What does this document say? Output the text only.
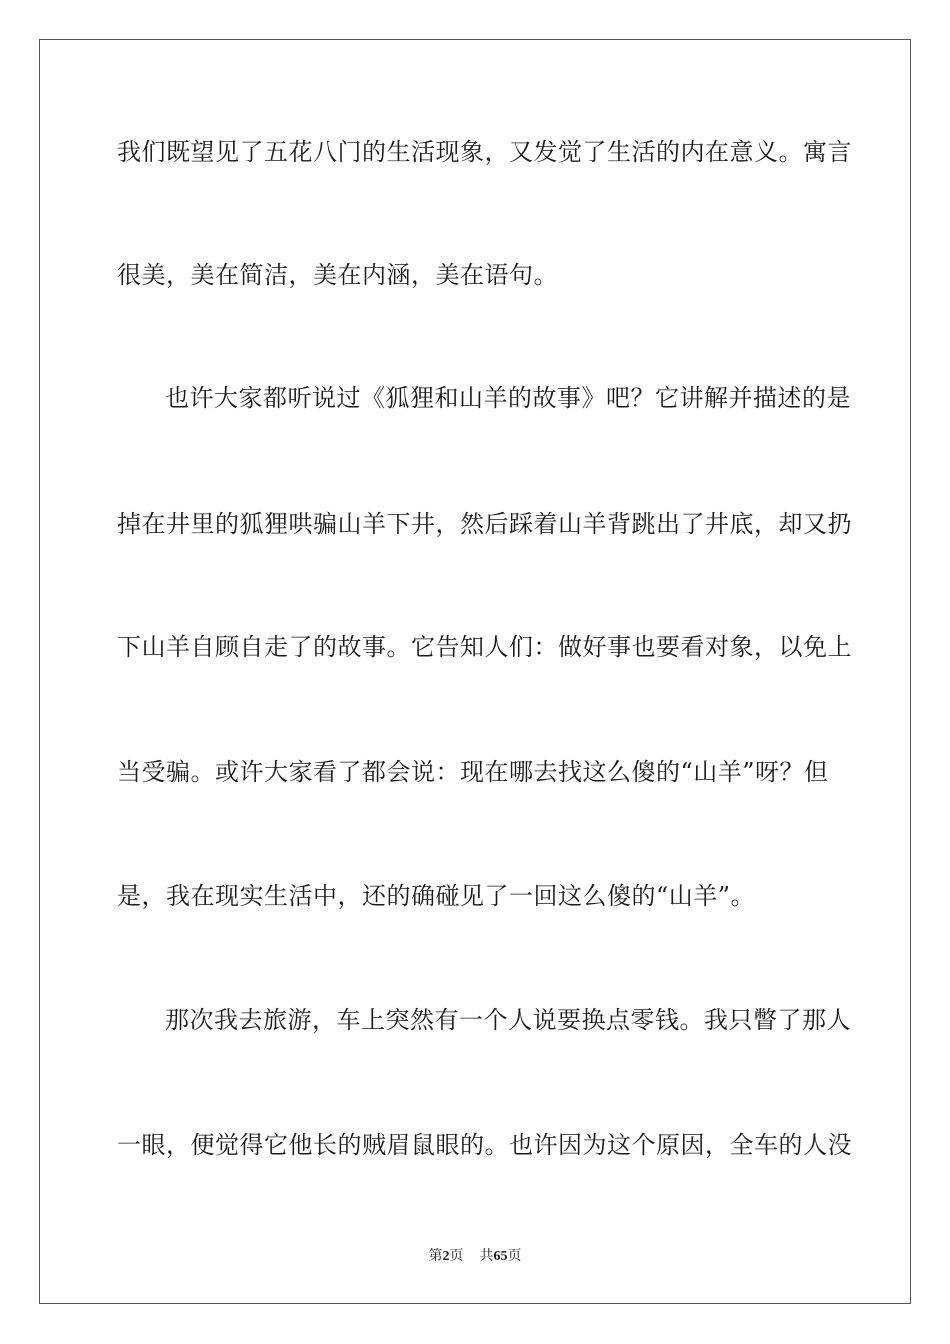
我们既望见了五花八门的生活现象，又发觉了生活的内在意义。寓言
很美，美在简洁，美在内涵，美在语句。
也许大家都听说过《狐狸和山羊的故事》吧？它讲解并描述的是
掉在井里的狐狸哄骗山羊下井，然后踩着山羊背跳出了井底，却又扔
下山羊自顾自走了的故事。它告知人们：做好事也要看对象，以免上
当受骗。或许大家看了都会说：现在哪去找这么傻的“山羊”呀？但
是，我在现实生活中，还的确碰见了一回这么傻的“山羊”。
那次我去旅游，车上突然有一个人说要换点零钱。我只瞥了那人
一眼，便觉得它他长的贼眉鼠眼的。也许因为这个原因，全车的人没
第2页 共65页
